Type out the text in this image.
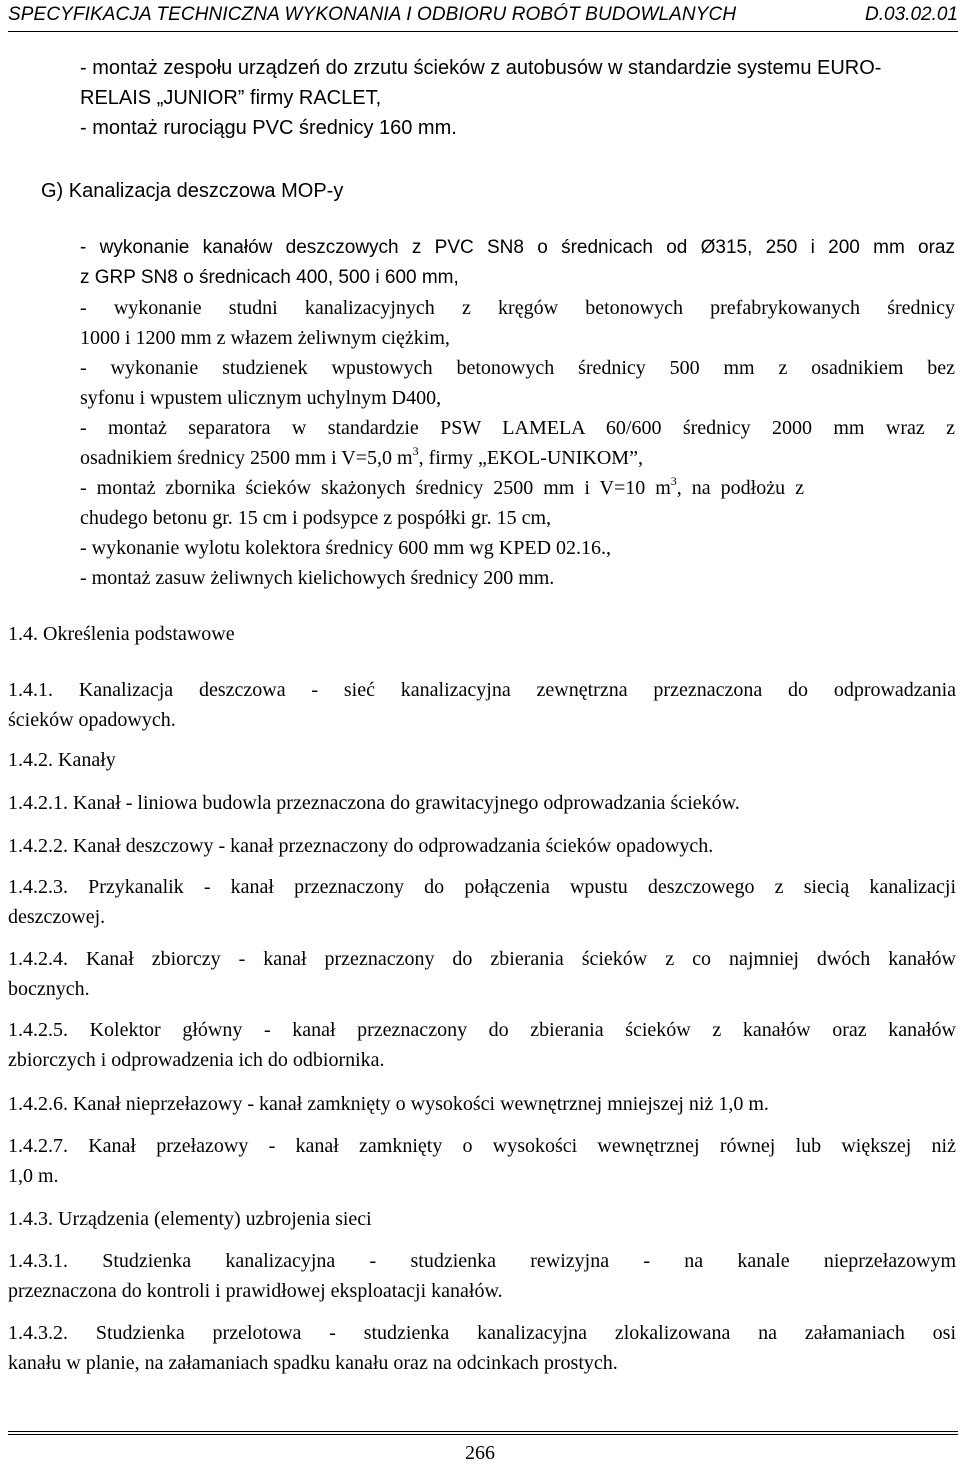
SPECYFIKACJA TECHNICZNA WYKONANIA I ODBIORU ROBÓT BUDOWLANYCH	D.03.02.01
- montaż zespołu urządzeń do zrzutu ścieków z autobusów w standardzie systemu EURO-
RELAIS „JUNIOR” firmy RACLET,
- montaż rurociągu PVC średnicy 160 mm.
G) Kanalizacja deszczowa MOP-y
- wykonanie kanałów deszczowych z PVC SN8 o średnicach od Ø315, 250 i 200 mm oraz
z GRP SN8 o średnicach 400, 500 i 600 mm,
- wykonanie studni kanalizacyjnych z kręgów betonowych prefabrykowanych średnicy
1000 i 1200 mm z włazem żeliwnym ciężkim,
- wykonanie studzienek wpustowych betonowych średnicy 500 mm z osadnikiem bez
syfonu i wpustem ulicznym uchylnym D400,
- montaż separatora w standardzie PSW LAMELA 60/600 średnicy 2000 mm wraz z
osadnikiem średnicy 2500 mm i V=5,0 $m^3$, firmy „EKOL-UNIKOM”,
- montaż zbornika ścieków skażonych średnicy 2500 mm i V=10 $m^3$, na podłożu z
chudego betonu gr. 15 cm i podsypce z pospółki gr. 15 cm,
- wykonanie wylotu kolektora średnicy 600 mm wg KPED 02.16.,
- montaż zasuw żeliwnych kielichowych średnicy 200 mm.
1.4. Określenia podstawowe
1.4.1. Kanalizacja deszczowa - sieć kanalizacyjna zewnętrzna przeznaczona do odprowadzania
ścieków opadowych.
1.4.2. Kanały
1.4.2.1. Kanał - liniowa budowla przeznaczona do grawitacyjnego odprowadzania ścieków.
1.4.2.2. Kanał deszczowy - kanał przeznaczony do odprowadzania ścieków opadowych.
1.4.2.3. Przykanalik - kanał przeznaczony do połączenia wpustu deszczowego z siecią kanalizacji
deszczowej.
1.4.2.4. Kanał zbiorczy - kanał przeznaczony do zbierania ścieków z co najmniej dwóch kanałów
bocznych.
1.4.2.5. Kolektor główny - kanał przeznaczony do zbierania ścieków z kanałów oraz kanałów
zbiorczych i odprowadzenia ich do odbiornika.
1.4.2.6. Kanał nieprzełazowy - kanał zamknięty o wysokości wewnętrznej mniejszej niż 1,0 m.
1.4.2.7. Kanał przełazowy - kanał zamknięty o wysokości wewnętrznej równej lub większej niż
1,0 m.
1.4.3. Urządzenia (elementy) uzbrojenia sieci
1.4.3.1. Studzienka kanalizacyjna - studzienka rewizyjna - na kanale nieprzełazowym
przeznaczona do kontroli i prawidłowej eksploatacji kanałów.
1.4.3.2. Studzienka przelotowa - studzienka kanalizacyjna zlokalizowana na załamaniach osi
kanału w planie, na załamaniach spadku kanału oraz na odcinkach prostych.
266
